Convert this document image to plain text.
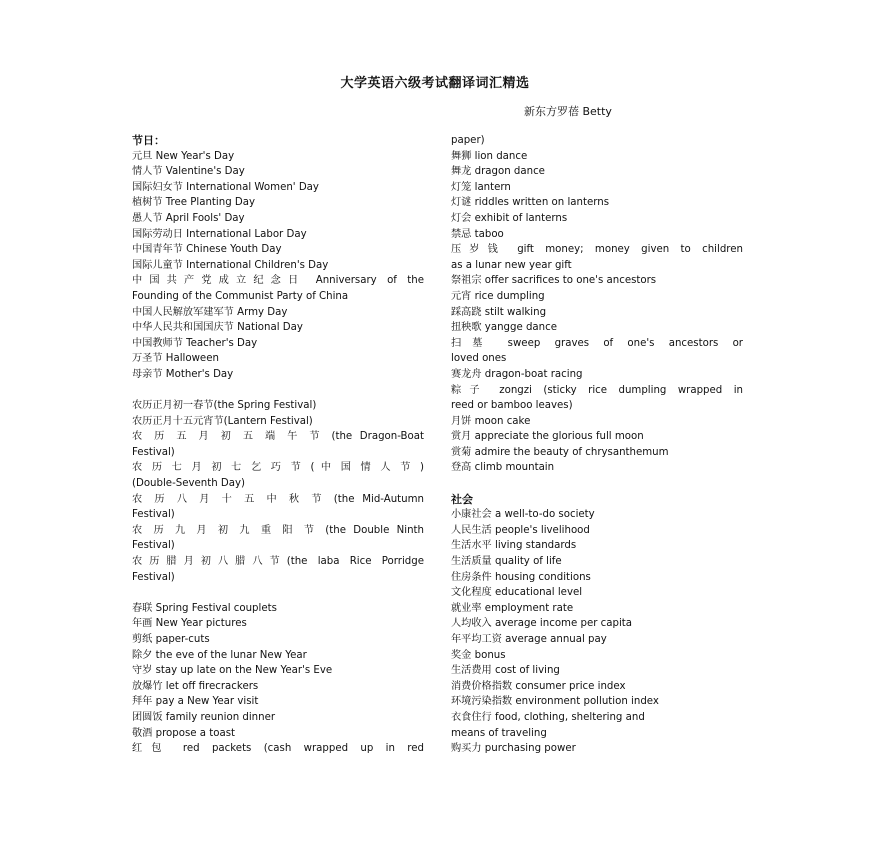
大学英语六级考试翻译词汇精选
新东方罗蓓 Betty
节日：
元旦 New Year's Day
情人节 Valentine's Day
国际妇女节 International Women' Day
植树节 Tree Planting Day
愚人节 April Fools' Day
国际劳动日 International Labor Day
中国青年节 Chinese Youth Day
国际儿童节 International Children's Day
中国共产党成立纪念日 Anniversary of the
Founding of the Communist Party of China
中国人民解放军建军节 Army Day
中华人民共和国国庆节 National Day
中国教师节 Teacher's Day
万圣节 Halloween
母亲节 Mother's Day
农历正月初一春节(the Spring Festival)
农历正月十五元宵节(Lantern Festival)
农 历 五 月 初 五 端 午 节 (the Dragon-Boat
Festival)
农 历 七 月 初 七 乞 巧 节 ( 中 国 情 人 节 )
(Double-Seventh Day)
农 历 八 月 十 五 中 秋 节 (the Mid-Autumn
Festival)
农 历 九 月 初 九 重 阳 节 (the Double Ninth
Festival)
农历腊月初八腊八节(the laba Rice Porridge
Festival)
春联 Spring Festival couplets
年画 New Year pictures
剪纸 paper-cuts
除夕 the eve of the lunar New Year
守岁 stay up late on the New Year's Eve
放爆竹 let off firecrackers
拜年 pay a New Year visit
团圆饭 family reunion dinner
敬酒 propose a toast
红包 red packets (cash wrapped up in red
paper)
舞狮 lion dance
舞龙 dragon dance
灯笼 lantern
灯谜 riddles written on lanterns
灯会 exhibit of lanterns
禁忌 taboo
压岁钱 gift money; money given to children
as a lunar new year gift
祭祖宗 offer sacrifices to one's ancestors
元宵 rice dumpling
踩高跷 stilt walking
扭秧歌 yangge dance
扫墓 sweep graves of one's ancestors or
loved ones
赛龙舟 dragon-boat racing
粽子 zongzi (sticky rice dumpling wrapped in
reed or bamboo leaves)
月饼 moon cake
赏月 appreciate the glorious full moon
赏菊 admire the beauty of chrysanthemum
登高 climb mountain
社会
小康社会 a well-to-do society
人民生活 people's livelihood
生活水平 living standards
生活质量 quality of life
住房条件 housing conditions
文化程度 educational level
就业率 employment rate
人均收入 average income per capita
年平均工资 average annual pay
奖金 bonus
生活费用 cost of living
消费价格指数 consumer price index
环境污染指数 environment pollution index
衣食住行 food, clothing, sheltering and
means of traveling
购买力 purchasing power
